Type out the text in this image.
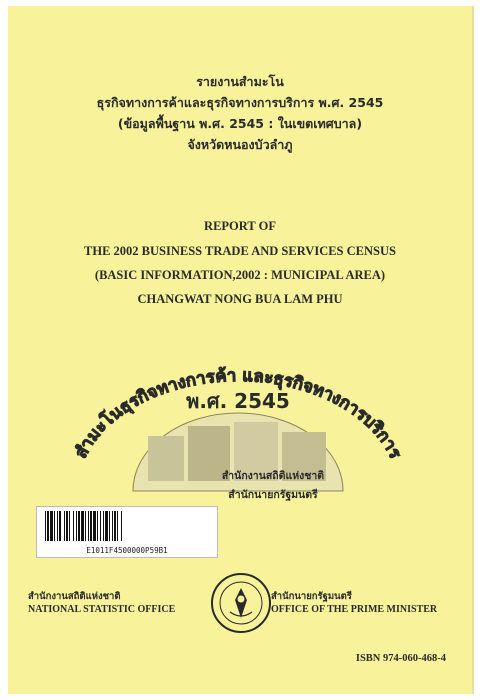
รายงานสำมะโน
ธุรกิจทางการค้าและธุรกิจทางการบริการ พ.ศ. 2545
(ข้อมูลพื้นฐาน พ.ศ. 2545 : ในเขตเทศบาล)
จังหวัดหนองบัวลำภู
REPORT OF
THE 2002 BUSINESS TRADE AND SERVICES CENSUS
(BASIC INFORMATION,2002 : MUNICIPAL AREA)
CHANGWAT NONG BUA LAM PHU
พ.ศ. 2545
สำมะโนธุรกิจทางการค้า และธุรกิจทางการบริการ
สำนักงานสถิติแห่งชาติ
สำนักนายกรัฐมนตรี
E1011F4500000P59B1
สำนักงานสถิติแห่งชาติ
NATIONAL STATISTIC OFFICE
สำนักนายกรัฐมนตรี
OFFICE OF THE PRIME MINISTER
ISBN 974-060-468-4
